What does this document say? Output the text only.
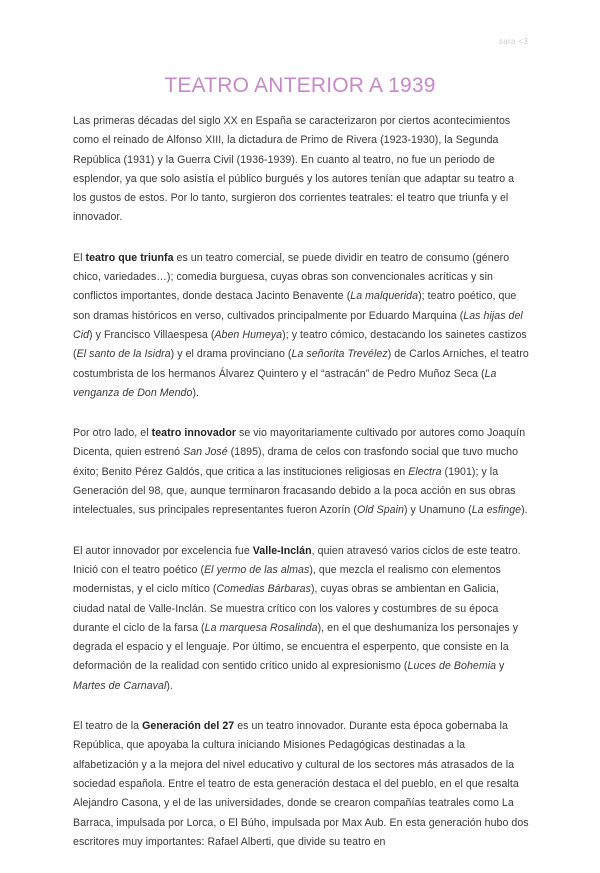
sara <3
TEATRO ANTERIOR A 1939

Las primeras décadas del siglo XX en España se caracterizaron por ciertos acontecimientos como el reinado de Alfonso XIII, la dictadura de Primo de Rivera (1923-1930), la Segunda República (1931) y la Guerra Civil (1936-1939). En cuanto al teatro, no fue un periodo de esplendor, ya que solo asistía el público burgués y los autores tenían que adaptar su teatro a los gustos de estos. Por lo tanto, surgieron dos corrientes teatrales: el teatro que triunfa y el innovador.

El teatro que triunfa es un teatro comercial, se puede dividir en teatro de consumo (género chico, variedades…); comedia burguesa, cuyas obras son convencionales acríticas y sin conflictos importantes, donde destaca Jacinto Benavente (La malquerida); teatro poético, que son dramas históricos en verso, cultivados principalmente por Eduardo Marquina (Las hijas del Cid) y Francisco Villaespesa (Aben Humeya); y teatro cómico, destacando los sainetes castizos (El santo de la Isidra) y el drama provinciano (La señorita Trevélez) de Carlos Arniches, el teatro costumbrista de los hermanos Álvarez Quintero y el “astracán” de Pedro Muñoz Seca (La venganza de Don Mendo).

Por otro lado, el teatro innovador se vio mayoritariamente cultivado por autores como Joaquín Dicenta, quien estrenó San José (1895), drama de celos con trasfondo social que tuvo mucho éxito; Benito Pérez Galdós, que critica a las instituciones religiosas en Electra (1901); y la Generación del 98, que, aunque terminaron fracasando debido a la poca acción en sus obras intelectuales, sus principales representantes fueron Azorín (Old Spain) y Unamuno (La esfinge).

El autor innovador por excelencia fue Valle-Inclán, quien atravesó varios ciclos de este teatro. Inició con el teatro poético (El yermo de las almas), que mezcla el realismo con elementos modernistas, y el ciclo mítico (Comedias Bárbaras), cuyas obras se ambientan en Galicia, ciudad natal de Valle-Inclán. Se muestra crítico con los valores y costumbres de su época durante el ciclo de la farsa (La marquesa Rosalinda), en el que deshumaniza los personajes y degrada el espacio y el lenguaje. Por último, se encuentra el esperpento, que consiste en la deformación de la realidad con sentido crítico unido al expresionismo (Luces de Bohemia y Martes de Carnaval).

El teatro de la Generación del 27 es un teatro innovador. Durante esta época gobernaba la República, que apoyaba la cultura iniciando Misiones Pedagógicas destinadas a la alfabetización y a la mejora del nivel educativo y cultural de los sectores más atrasados de la sociedad española. Entre el teatro de esta generación destaca el del pueblo, en el que resalta Alejandro Casona, y el de las universidades, donde se crearon compañías teatrales como La Barraca, impulsada por Lorca, o El Búho, impulsada por Max Aub. En esta generación hubo dos escritores muy importantes: Rafael Alberti, que divide su teatro en
